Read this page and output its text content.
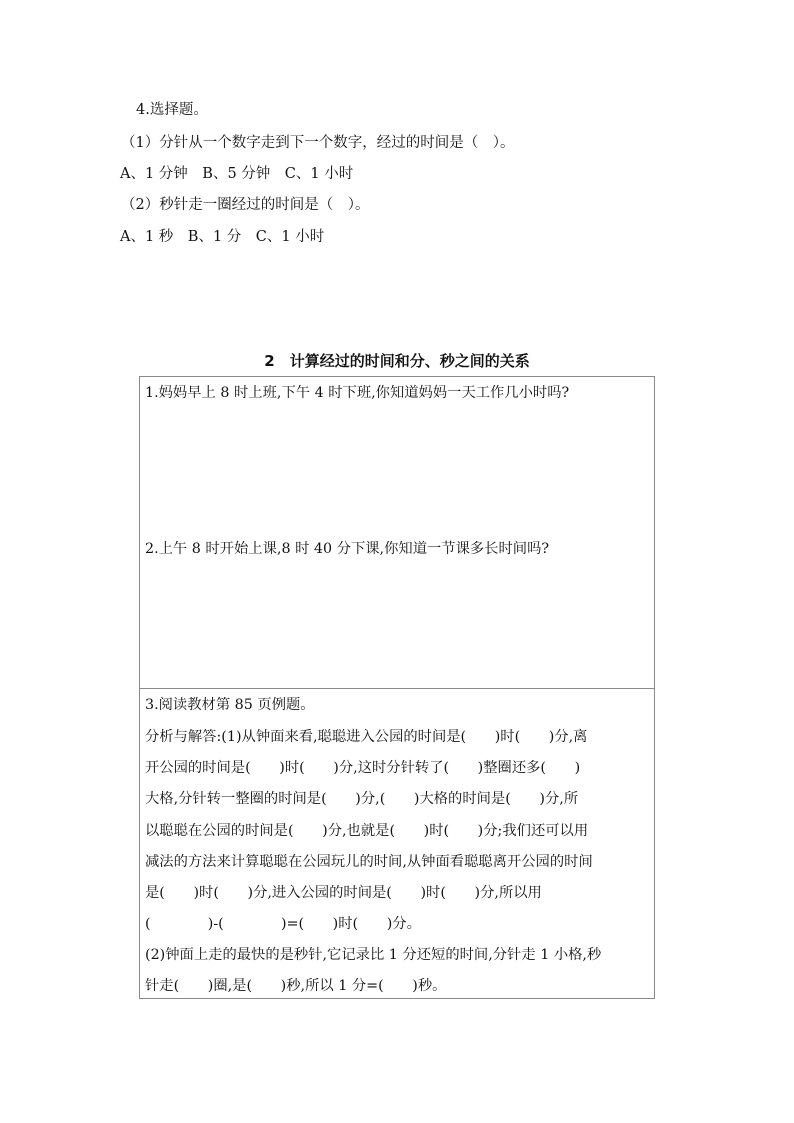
4.选择题。
（1）分针从一个数字走到下一个数字，经过的时间是（　）。
A、1 分钟　B、5 分钟　C、1 小时
（2）秒针走一圈经过的时间是（　）。
A、1 秒　B、1 分　C、1 小时
2　计算经过的时间和分、秒之间的关系
1.妈妈早上 8 时上班,下午 4 时下班,你知道妈妈一天工作几小时吗?
2.上午 8 时开始上课,8 时 40 分下课,你知道一节课多长时间吗?
3.阅读教材第 85 页例题。
分析与解答:(1)从钟面来看,聪聪进入公园的时间是(　　)时(　　)分,离
开公园的时间是(　　)时(　　)分,这时分针转了(　　)整圈还多(　　)
大格,分针转一整圈的时间是(　　)分,(　　)大格的时间是(　　)分,所
以聪聪在公园的时间是(　　)分,也就是(　　)时(　　)分;我们还可以用
减法的方法来计算聪聪在公园玩儿的时间,从钟面看聪聪离开公园的时间
是(　　)时(　　)分,进入公园的时间是(　　)时(　　)分,所以用
(　　　　)-(　　　　)=(　　)时(　　)分。
(2)钟面上走的最快的是秒针,它记录比 1 分还短的时间,分针走 1 小格,秒
针走(　　)圈,是(　　)秒,所以 1 分=(　　)秒。
